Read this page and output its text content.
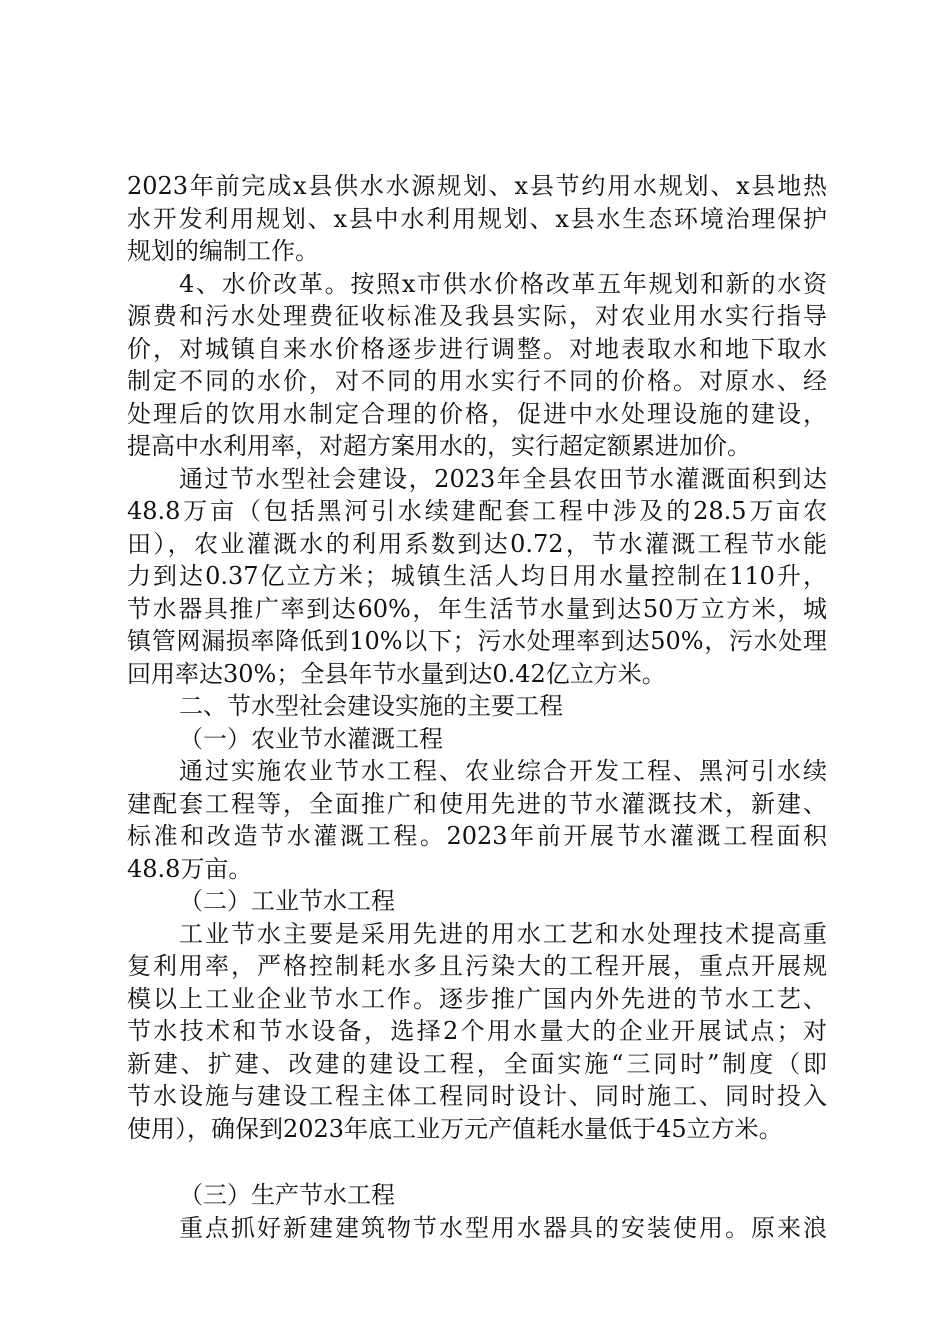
2023年前完成x县供水水源规划、x县节约用水规划、x县地热
水开发利用规划、x县中水利用规划、x县水生态环境治理保护
规划的编制工作。
4、水价改革。按照x市供水价格改革五年规划和新的水资
源费和污水处理费征收标准及我县实际，对农业用水实行指导
价，对城镇自来水价格逐步进行调整。对地表取水和地下取水
制定不同的水价，对不同的用水实行不同的价格。对原水、经
处理后的饮用水制定合理的价格，促进中水处理设施的建设，
提高中水利用率，对超方案用水的，实行超定额累进加价。
通过节水型社会建设，2023年全县农田节水灌溉面积到达
48.8万亩（包括黑河引水续建配套工程中涉及的28.5万亩农
田），农业灌溉水的利用系数到达0.72，节水灌溉工程节水能
力到达0.37亿立方米；城镇生活人均日用水量控制在110升，
节水器具推广率到达60%，年生活节水量到达50万立方米，城
镇管网漏损率降低到10%以下；污水处理率到达50%，污水处理
回用率达30%；全县年节水量到达0.42亿立方米。
二、节水型社会建设实施的主要工程
（一）农业节水灌溉工程
通过实施农业节水工程、农业综合开发工程、黑河引水续
建配套工程等，全面推广和使用先进的节水灌溉技术，新建、
标准和改造节水灌溉工程。2023年前开展节水灌溉工程面积
48.8万亩。
（二）工业节水工程
工业节水主要是采用先进的用水工艺和水处理技术提高重
复利用率，严格控制耗水多且污染大的工程开展，重点开展规
模以上工业企业节水工作。逐步推广国内外先进的节水工艺、
节水技术和节水设备，选择2个用水量大的企业开展试点；对
新建、扩建、改建的建设工程，全面实施“三同时”制度（即
节水设施与建设工程主体工程同时设计、同时施工、同时投入
使用），确保到2023年底工业万元产值耗水量低于45立方米。
（三）生产节水工程
重点抓好新建建筑物节水型用水器具的安装使用。原来浪
